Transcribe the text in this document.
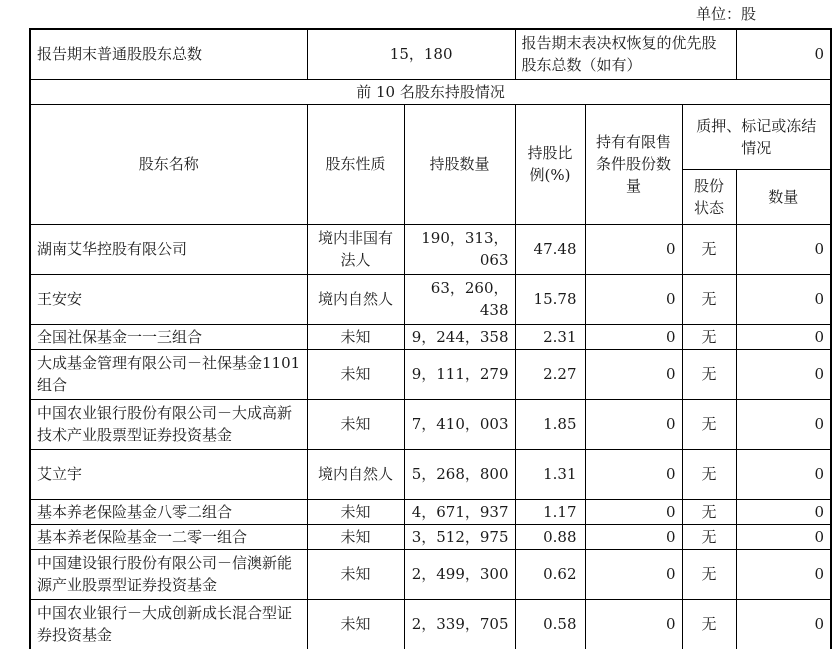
单位：股
报告期末普通股股东总数	15，180		报告期末表决权恢复的优先股股东总数（如有）			0
前 10 名股东持股情况						
股东名称	股东性质	持股数量	持股比例(%)	持有有限售条件股份数量	质押、标记或冻结情况	
					股份状态	数量
湖南艾华控股有限公司	境内非国有法人	190，313，063	47.48	0	无	0
王安安	境内自然人	63，260，438	15.78	0	无	0
全国社保基金一一三组合	未知	9，244，358	2.31	0	无	0
大成基金管理有限公司－社保基金1101 组合	未知	9，111，279	2.27	0	无	0
中国农业银行股份有限公司－大成高新技术产业股票型证券投资基金	未知	7，410，003	1.85	0	无	0
艾立宇	境内自然人	5，268，800	1.31	0	无	0
基本养老保险基金八零二组合	未知	4，671，937	1.17	0	无	0
基本养老保险基金一二零一组合	未知	3，512，975	0.88	0	无	0
中国建设银行股份有限公司－信澳新能源产业股票型证券投资基金	未知	2，499，300	0.62	0	无	0
中国农业银行－大成创新成长混合型证券投资基金	未知	2，339，705	0.58	0	无	0
